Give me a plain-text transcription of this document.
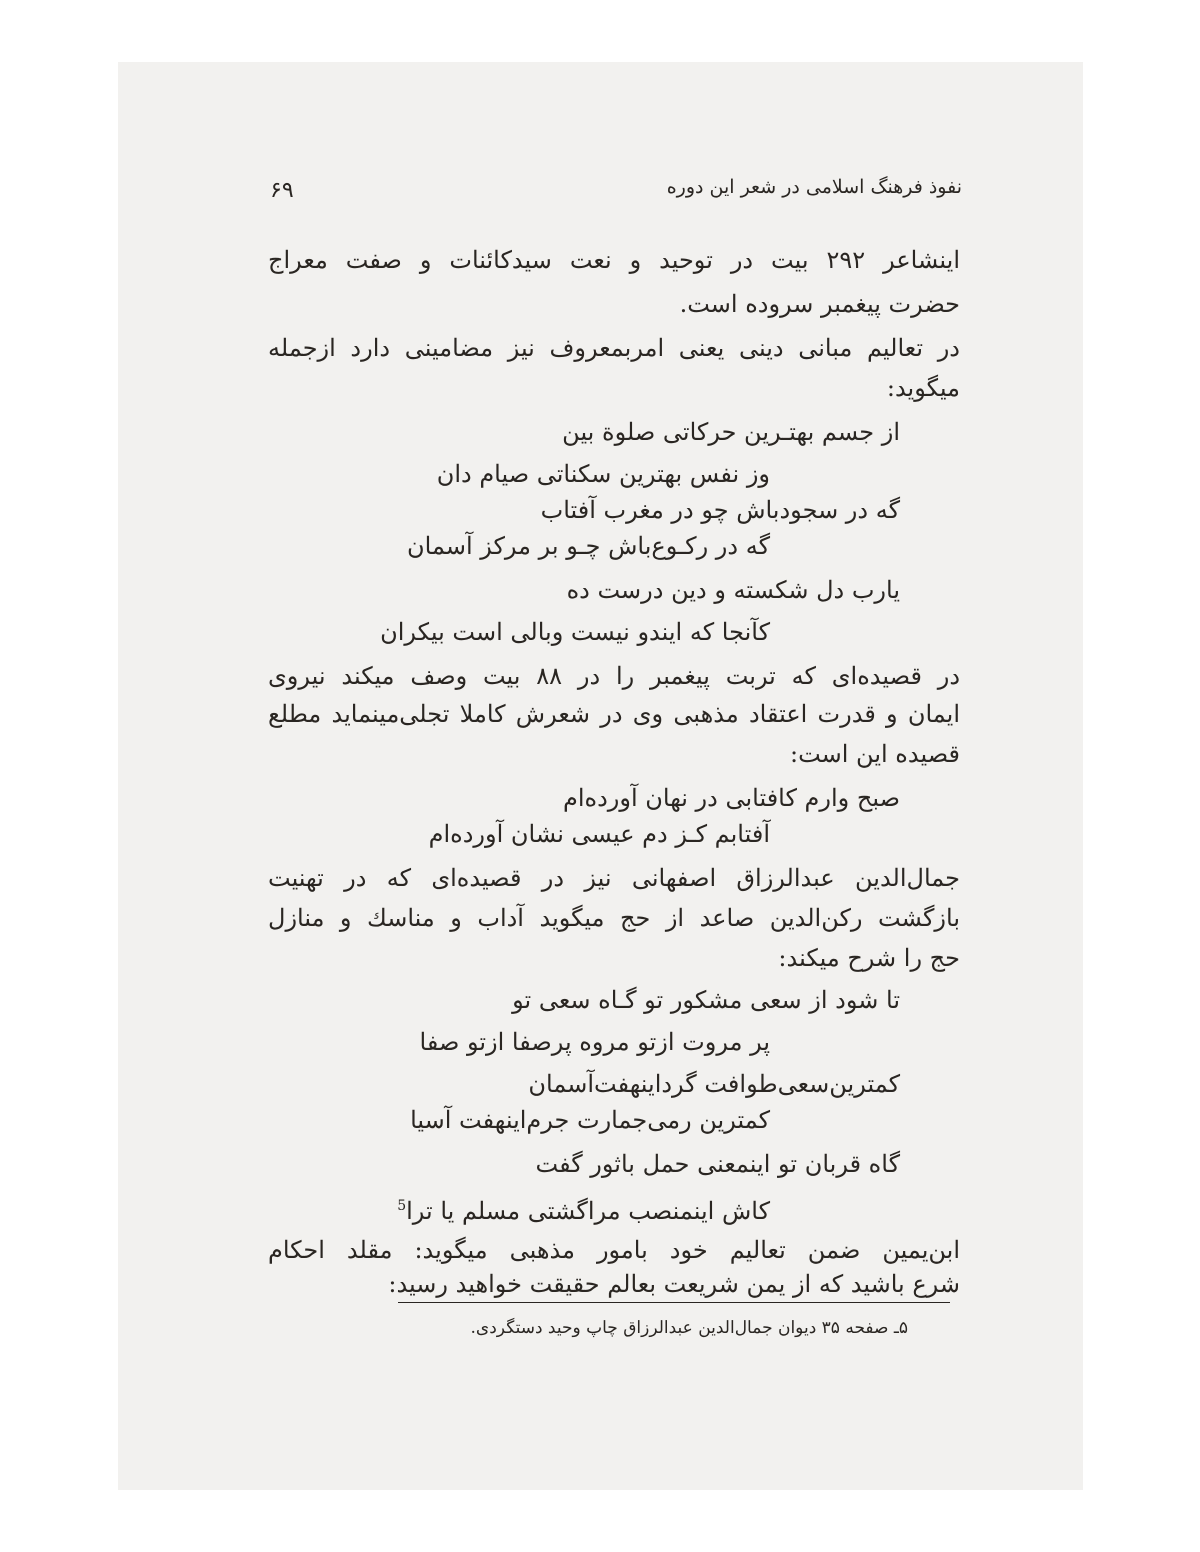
نفوذ فرهنگ اسلامی در شعر این دوره
۶۹
اینشاعر ۲۹۲ بیت در توحید و نعت سیدکائنات و صفت معراج
حضرت پیغمبر سروده است.
در تعالیم مبانی دینی یعنی امربمعروف نیز مضامینی دارد ازجمله
میگوید:
از جسم بهتـرین حرکاتی صلوة بین
وز نفس بهترین سکناتی صیام دان
گه در سجودباش چو در مغرب آفتاب
گه در رکـوع‌باش چـو بر مرکز آسمان
یارب دل شکسته و دین درست ده
کآنجا که ایندو نیست وبالی است بیکران
در قصیده‌ای که تربت پیغمبر را در ۸۸ بیت وصف میکند نیروی
ایمان و قدرت اعتقاد مذهبی وی در شعرش کاملا تجلی‌مینماید مطلع
قصیده این است:
صبح وارم کافتابی در نهان آورده‌ام
آفتابم کـز دم عیسی نشان آورده‌ام
جمال‌الدین عبدالرزاق اصفهانی نیز در قصیده‌ای که در تهنیت
بازگشت رکن‌الدین صاعد از حج میگوید آداب و مناسك و منازل
حج را شرح میکند:
تا شود از سعی مشکور تو گـاه سعی تو
پر مروت ازتو مروه پرصفا ازتو صفا
کمترین‌سعی‌طوافت گرداینهفت‌آسمان
کمترین رمی‌جمارت جرم‌اینهفت آسیا
گاه قربان تو اینمعنی حمل باثور گفت
کاش اینمنصب مراگشتی مسلم یا ترا$^5$
ابن‌یمین ضمن تعالیم خود بامور مذهبی میگوید: مقلد احکام
شرع باشید که از یمن شریعت بعالم حقیقت خواهید رسید:
۵ـ صفحه ۳۵ دیوان جمال‌الدین عبدالرزاق چاپ وحید دستگردی.
